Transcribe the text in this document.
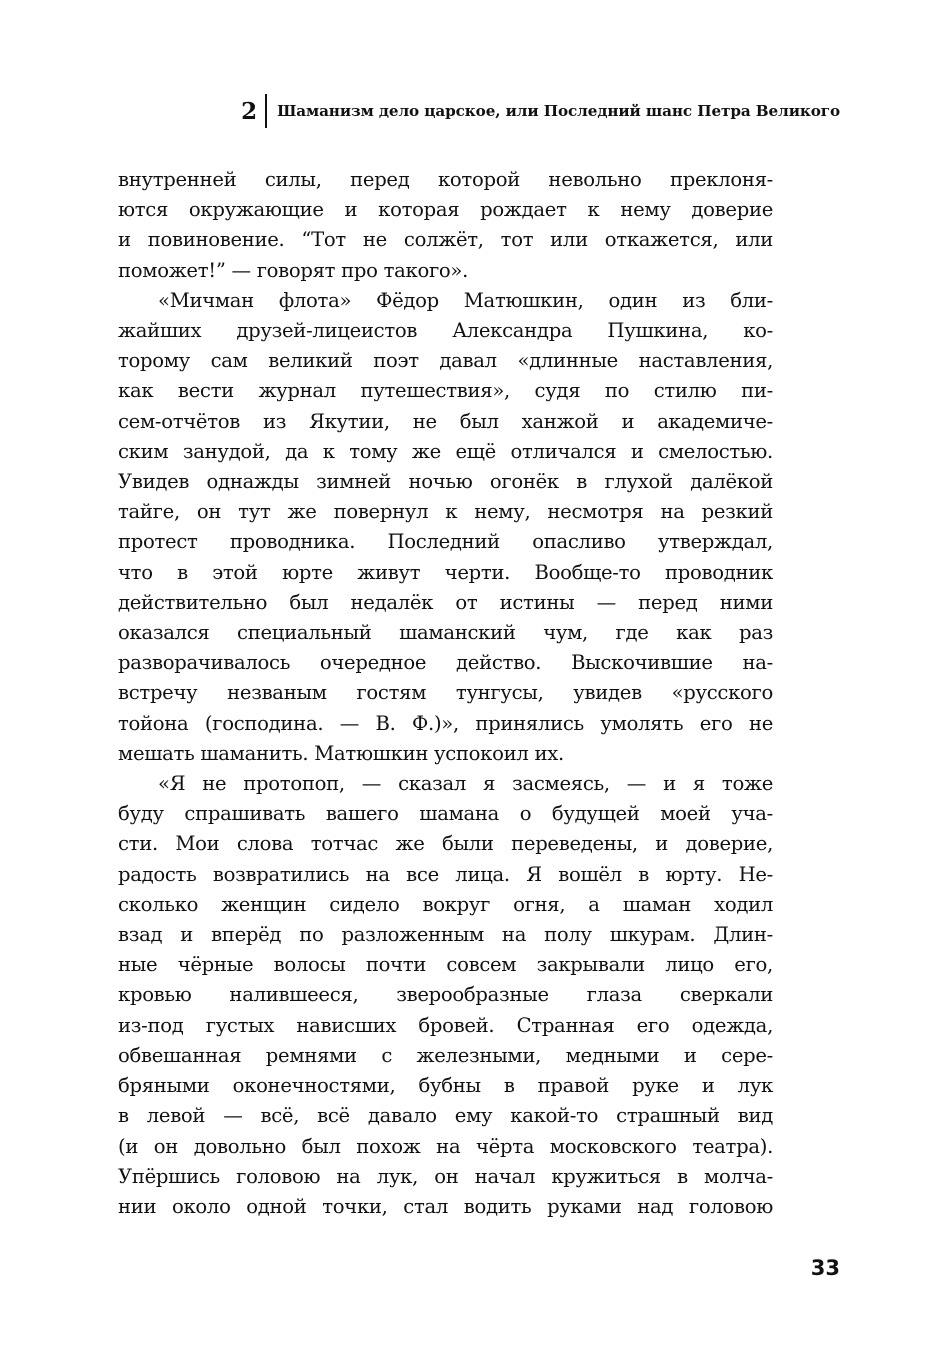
2	Шаманизм дело царское, или Последний шанс Петра Великого

внутренней силы, перед которой невольно преклоня-
ются окружающие и которая рождает к нему доверие
и повиновение. “Тот не солжёт, тот или откажется, или
поможет!” — говорят про такого».

«Мичман флота» Фёдор Матюшкин, один из бли-
жайших друзей-лицеистов Александра Пушкина, ко-
торому сам великий поэт давал «длинные наставления,
как вести журнал путешествия», судя по стилю пи-
сем-отчётов из Якутии, не был ханжой и академиче-
ским занудой, да к тому же ещё отличался и смелостью.
Увидев однажды зимней ночью огонёк в глухой далёкой
тайге, он тут же повернул к нему, несмотря на резкий
протест проводника. Последний опасливо утверждал,
что в этой юрте живут черти. Вообще-то проводник
действительно был недалёк от истины — перед ними
оказался специальный шаманский чум, где как раз
разворачивалось очередное действо. Выскочившие на-
встречу незваным гостям тунгусы, увидев «русского
тойона (господина. — В. Ф.)», принялись умолять его не
мешать шаманить. Матюшкин успокоил их.

«Я не протопоп, — сказал я засмеясь, — и я тоже
буду спрашивать вашего шамана о будущей моей уча-
сти. Мои слова тотчас же были переведены, и доверие,
радость возвратились на все лица. Я вошёл в юрту. Не-
сколько женщин сидело вокруг огня, а шаман ходил
взад и вперёд по разложенным на полу шкурам. Длин-
ные чёрные волосы почти совсем закрывали лицо его,
кровью налившееся, зверообразные глаза сверкали
из-под густых нависших бровей. Странная его одежда,
обвешанная ремнями с железными, медными и сере-
бряными оконечностями, бубны в правой руке и лук
в левой — всё, всё давало ему какой-то страшный вид
(и он довольно был похож на чёрта московского театра).
Упёршись головою на лук, он начал кружиться в молча-
нии около одной точки, стал водить руками над головою

33
